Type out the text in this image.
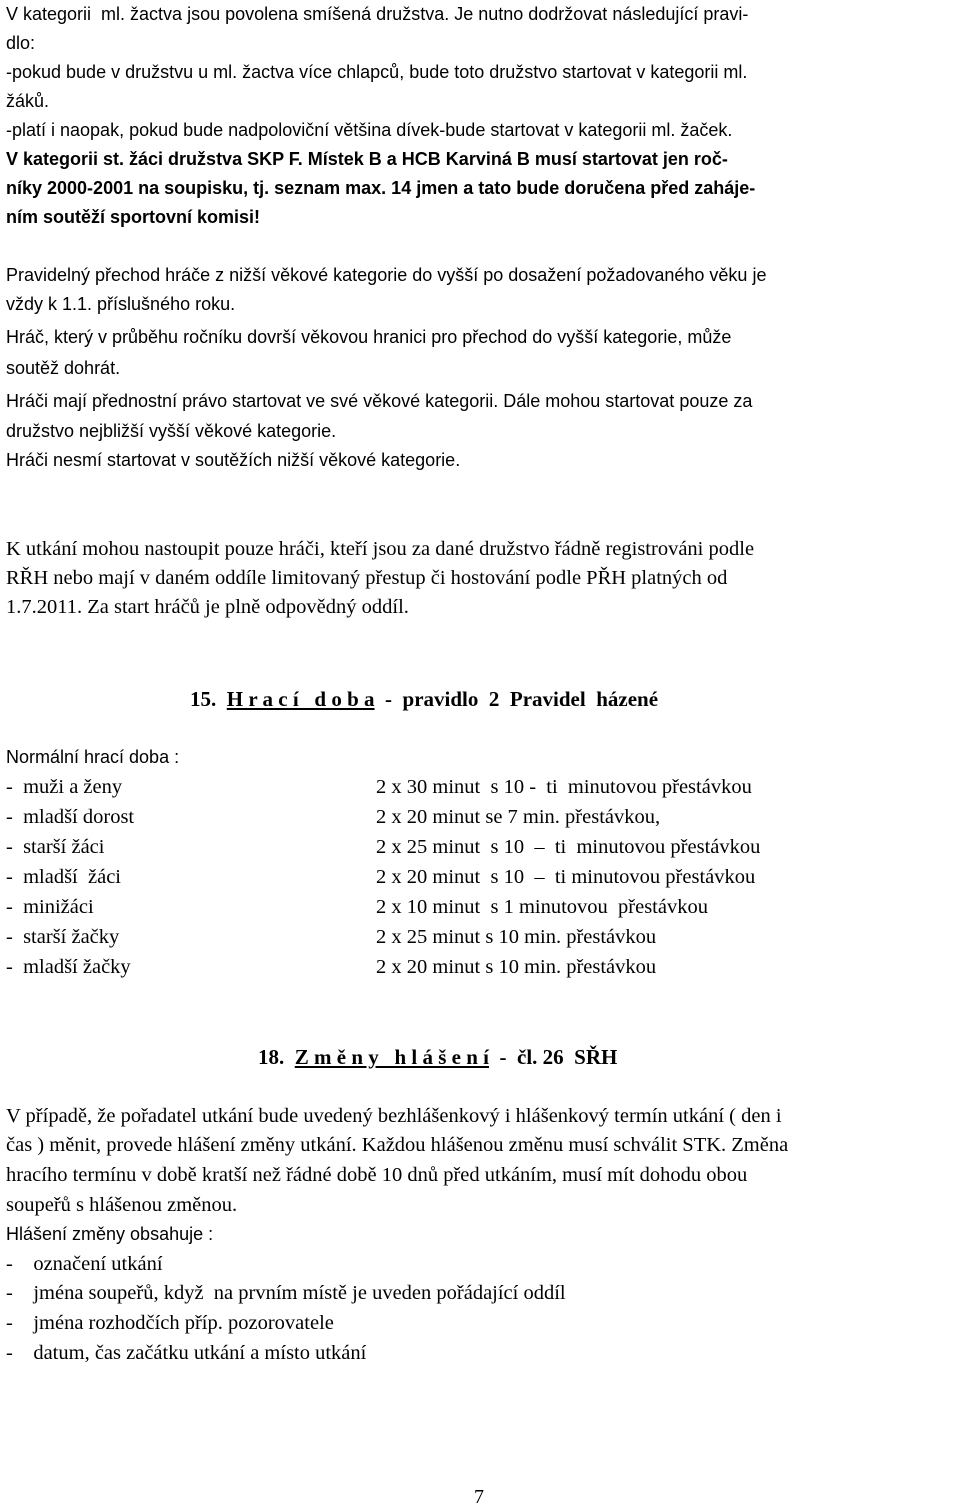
V kategorii  ml. žactva jsou povolena smíšená družstva. Je nutno dodržovat následující pravi-
dlo:
-pokud bude v družstvu u ml. žactva více chlapců, bude toto družstvo startovat v kategorii ml.
žáků.
-platí i naopak, pokud bude nadpoloviční většina dívek-bude startovat v kategorii ml. žaček.
V kategorii st. žáci družstva SKP F. Místek B a HCB Karviná B musí startovat jen roč-
níky 2000-2001 na soupisku, tj. seznam max. 14 jmen a tato bude doručena před zaháje-
ním soutěží sportovní komisi!
Pravidelný přechod hráče z nižší věkové kategorie do vyšší po dosažení požadovaného věku je
vždy k 1.1. příslušného roku.
Hráč, který v průběhu ročníku dovrší věkovou hranici pro přechod do vyšší kategorie, může
soutěž dohrát.
Hráči mají přednostní právo startovat ve své věkové kategorii. Dále mohou startovat pouze za
družstvo nejbližší vyšší věkové kategorie.
Hráči nesmí startovat v soutěžích nižší věkové kategorie.
K utkání mohou nastoupit pouze hráči, kteří jsou za dané družstvo řádně registrováni podle
RŘH nebo mají v daném oddíle limitovaný přestup či hostování podle PŘH platných od
1.7.2011. Za start hráčů je plně odpovědný oddíl.
15. H r a c í   d o b a  -  pravidlo  2  Pravidel  házené
Normální hrací doba :

-  muži a ženy

	2 x 30 minut  s 10 -  ti  minutovou přestávkou

-  mladší dorost

	2 x 20 minut se 7 min. přestávkou,

-  starší žáci

	2 x 25 minut  s 10  –  ti  minutovou přestávkou

-  mladší  žáci

	2 x 20 minut  s 10  –  ti minutovou přestávkou

-  minižáci

	2 x 10 minut  s 1 minutovou  přestávkou

-  starší žačky

	2 x 25 minut s 10 min. přestávkou

-  mladší žačky

	2 x 20 minut s 10 min. přestávkou

18. Z m ě n y   h l á š e n í  -  čl. 26  SŘH
V případě, že pořadatel utkání bude uvedený bezhlášenkový i hlášenkový termín utkání ( den i
čas ) měnit, provede hlášení změny utkání. Každou hlášenou změnu musí schválit STK. Změna
hracího termínu v době kratší než řádné době 10 dnů před utkáním, musí mít dohodu obou
soupeřů s hlášenou změnou.
Hlášení změny obsahuje :
-    označení utkání
-    jména soupeřů, když  na prvním místě je uveden pořádající oddíl
-    jména rozhodčích příp. pozorovatele
-    datum, čas začátku utkání a místo utkání
7
